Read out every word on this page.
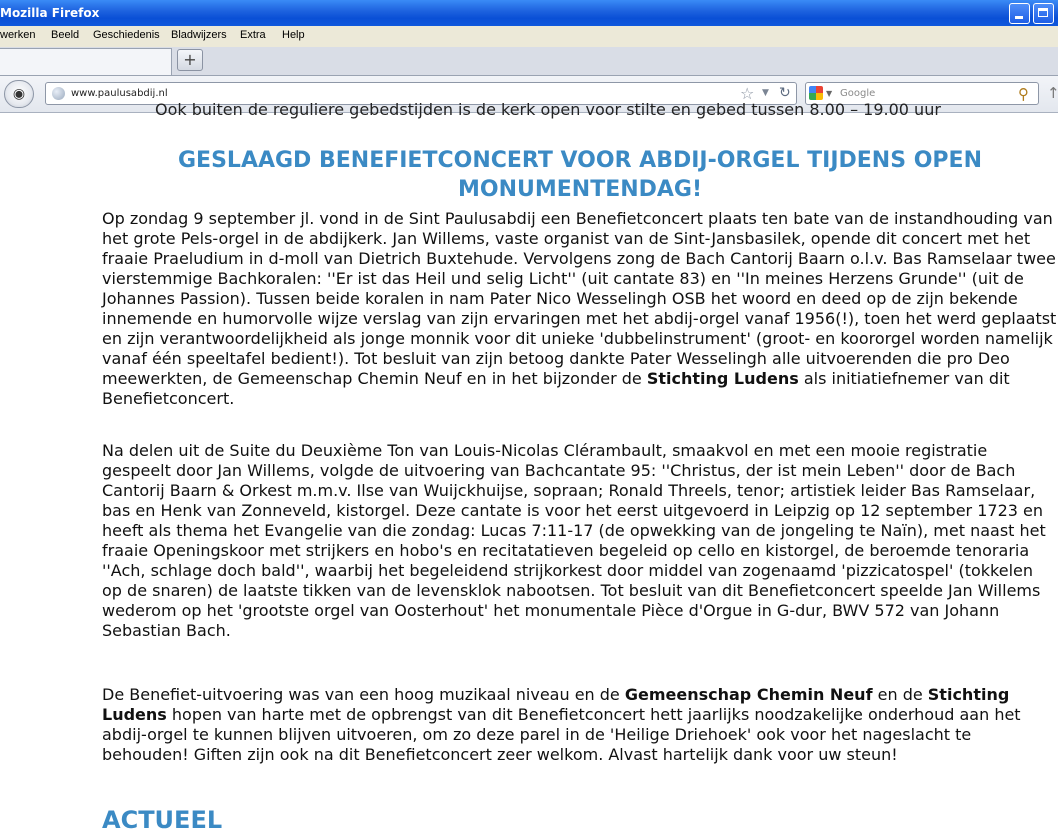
Mozilla Firefox
werken Beeld Geschiedenis Bladwijzers Extra Help
+
◉	www.paulusabdij.nl	☆ ▼ ↻	▼ Google	⚲ ↑
Ook buiten de reguliere gebedstijden is de kerk open voor stilte en gebed tussen 8.00 – 19.00 uur
GESLAAGD BENEFIETCONCERT VOOR ABDIJ-ORGEL TIJDENS OPEN MONUMENTENDAG!

Op zondag 9 september jl. vond in de Sint Paulusabdij een Benefietconcert plaats ten bate van de instandhouding van het grote Pels-orgel in de abdijkerk. Jan Willems, vaste organist van de Sint-Jansbasilek, opende dit concert met het fraaie Praeludium in d-moll van Dietrich Buxtehude. Vervolgens zong de Bach Cantorij Baarn o.l.v. Bas Ramselaar twee vierstemmige Bachkoralen: ''Er ist das Heil und selig Licht'' (uit cantate 83) en ''In meines Herzens Grunde'' (uit de Johannes Passion). Tussen beide koralen in nam Pater Nico Wesselingh OSB het woord en deed op de zijn bekende innemende en humorvolle wijze verslag van zijn ervaringen met het abdij-orgel vanaf 1956(!), toen het werd geplaatst en zijn verantwoordelijkheid als jonge monnik voor dit unieke 'dubbelinstrument' (groot- en koororgel worden namelijk vanaf één speeltafel bedient!). Tot besluit van zijn betoog dankte Pater Wesselingh alle uitvoerenden die pro Deo meewerkten, de Gemeenschap Chemin Neuf en in het bijzonder de Stichting Ludens als initiatiefnemer van dit Benefietconcert.

Na delen uit de Suite du Deuxième Ton van Louis-Nicolas Clérambault, smaakvol en met een mooie registratie gespeelt door Jan Willems, volgde de uitvoering van Bachcantate 95: ''Christus, der ist mein Leben'' door de Bach Cantorij Baarn & Orkest m.m.v. Ilse van Wuijckhuijse, sopraan; Ronald Threels, tenor; artistiek leider Bas Ramselaar, bas en Henk van Zonneveld, kistorgel. Deze cantate is voor het eerst uitgevoerd in Leipzig op 12 september 1723 en heeft als thema het Evangelie van die zondag: Lucas 7:11-17 (de opwekking van de jongeling te Naïn), met naast het fraaie Openingskoor met strijkers en hobo's en recitatatieven begeleid op cello en kistorgel, de beroemde tenoraria ''Ach, schlage doch bald'', waarbij het begeleidend strijkorkest door middel van zogenaamd 'pizzicatospel' (tokkelen op de snaren) de laatste tikken van de levensklok nabootsen. Tot besluit van dit Benefietconcert speelde Jan Willems wederom op het 'grootste orgel van Oosterhout' het monumentale Pièce d'Orgue in G-dur, BWV 572 van Johann Sebastian Bach.

De Benefiet-uitvoering was van een hoog muzikaal niveau en de Gemeenschap Chemin Neuf en de Stichting Ludens hopen van harte met de opbrengst van dit Benefietconcert hett jaarlijks noodzakelijke onderhoud aan het abdij-orgel te kunnen blijven uitvoeren, om zo deze parel in de 'Heilige Driehoek' ook voor het nageslacht te behouden! Giften zijn ook na dit Benefietconcert zeer welkom. Alvast hartelijk dank voor uw steun!

ACTUEEL
